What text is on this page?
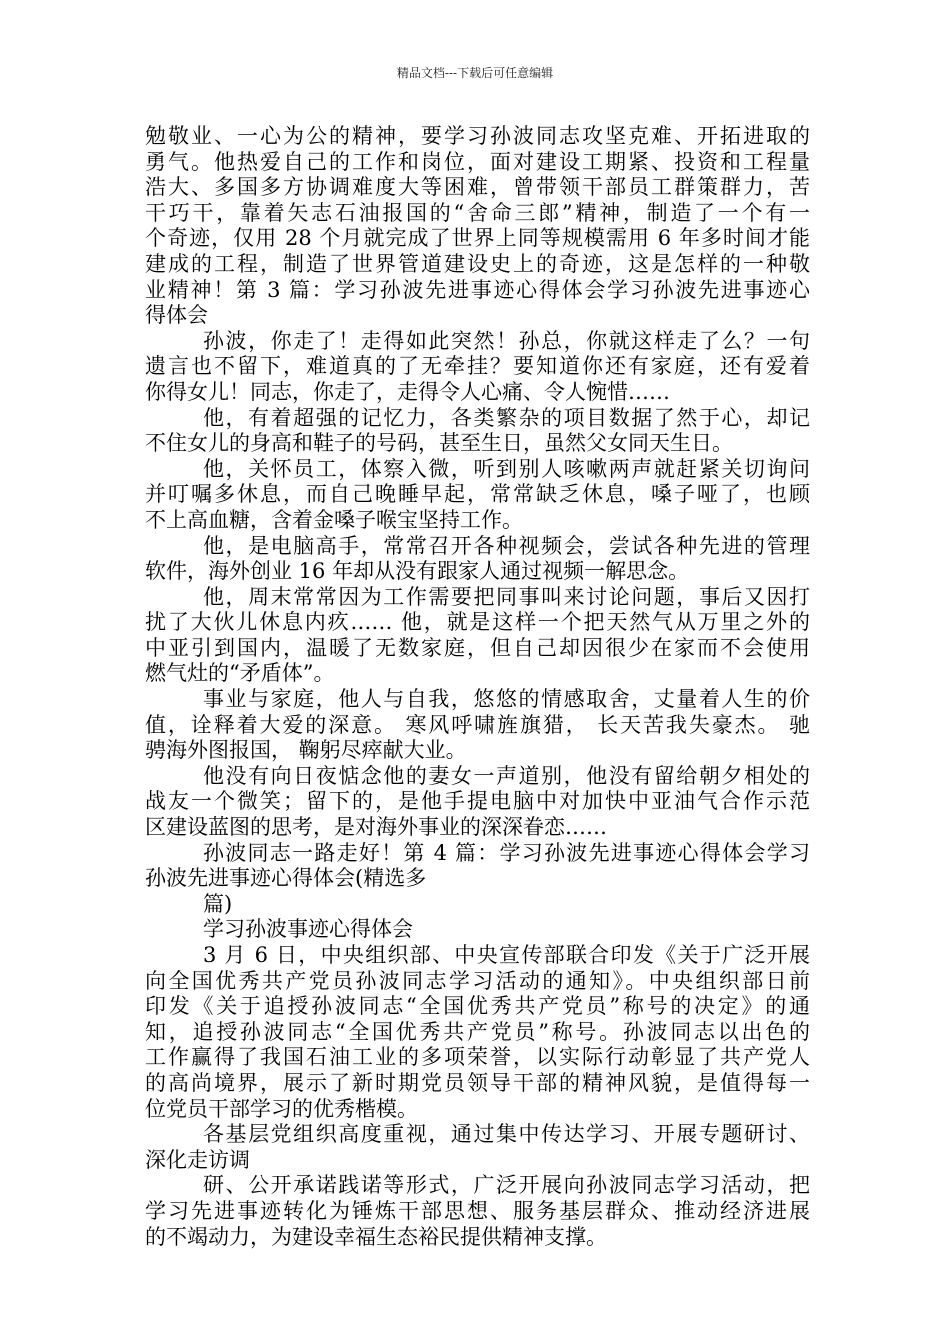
精品文档---下载后可任意编辑
勉敬业、一心为公的精神，要学习孙波同志攻坚克难、开拓进取的
勇气。他热爱自己的工作和岗位，面对建设工期紧、投资和工程量
浩大、多国多方协调难度大等困难，曾带领干部员工群策群力，苦
干巧干，靠着矢志石油报国的“舍命三郎”精神，制造了一个有一
个奇迹，仅用 28 个月就完成了世界上同等规模需用 6 年多时间才能
建成的工程，制造了世界管道建设史上的奇迹，这是怎样的一种敬
业精神！第 3 篇：学习孙波先进事迹心得体会学习孙波先进事迹心
得体会
孙波，你走了！走得如此突然！孙总，你就这样走了么？一句
遗言也不留下，难道真的了无牵挂？要知道你还有家庭，还有爱着
你得女儿！同志，你走了，走得令人心痛、令人惋惜……
他，有着超强的记忆力，各类繁杂的项目数据了然于心，却记
不住女儿的身高和鞋子的号码，甚至生日，虽然父女同天生日。
他，关怀员工，体察入微，听到别人咳嗽两声就赶紧关切询问
并叮嘱多休息，而自己晚睡早起，常常缺乏休息，嗓子哑了，也顾
不上高血糖，含着金嗓子喉宝坚持工作。
他，是电脑高手，常常召开各种视频会，尝试各种先进的管理
软件，海外创业 16 年却从没有跟家人通过视频一解思念。
他，周末常常因为工作需要把同事叫来讨论问题，事后又因打
扰了大伙儿休息内疚…… 他，就是这样一个把天然气从万里之外的
中亚引到国内，温暖了无数家庭，但自己却因很少在家而不会使用
燃气灶的“矛盾体”。
事业与家庭，他人与自我，悠悠的情感取舍，丈量着人生的价
值，诠释着大爱的深意。 寒风呼啸旌旗猎， 长天苦我失豪杰。 驰
骋海外图报国， 鞠躬尽瘁献大业。
他没有向日夜惦念他的妻女一声道别，他没有留给朝夕相处的
战友一个微笑；留下的，是他手提电脑中对加快中亚油气合作示范
区建设蓝图的思考，是对海外事业的深深眷恋……
孙波同志一路走好！第 4 篇：学习孙波先进事迹心得体会学习
孙波先进事迹心得体会(精选多
篇)
学习孙波事迹心得体会
3 月 6 日，中央组织部、中央宣传部联合印发《关于广泛开展
向全国优秀共产党员孙波同志学习活动的通知》。中央组织部日前
印发《关于追授孙波同志“全国优秀共产党员”称号的决定》的通
知，追授孙波同志“全国优秀共产党员”称号。孙波同志以出色的
工作赢得了我国石油工业的多项荣誉，以实际行动彰显了共产党人
的高尚境界，展示了新时期党员领导干部的精神风貌，是值得每一
位党员干部学习的优秀楷模。
各基层党组织高度重视，通过集中传达学习、开展专题研讨、
深化走访调
研、公开承诺践诺等形式，广泛开展向孙波同志学习活动，把
学习先进事迹转化为锤炼干部思想、服务基层群众、推动经济进展
的不竭动力，为建设幸福生态裕民提供精神支撑。
